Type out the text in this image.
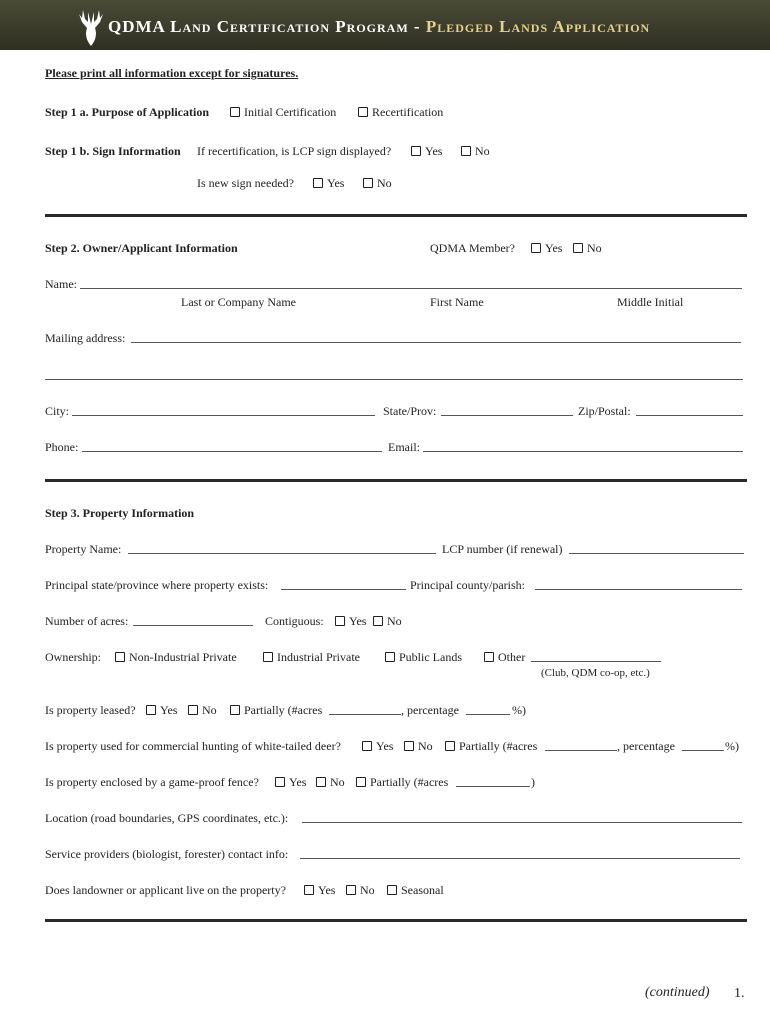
QDMA Land Certification Program - Pledged Lands Application
Please print all information except for signatures.
Step 1 a. Purpose of Application	Initial Certification	Recertification
Step 1 b. Sign Information If recertification, is LCP sign displayed?	Yes	No
Is new sign needed?	Yes	No
Step 2. Owner/Applicant Information	QDMA Member?	Yes	No
Name:
Last or Company Name	First Name	Middle Initial
Mailing address:
City:	State/Prov:	Zip/Postal:
Phone:	Email:
Step 3. Property Information
Property Name:	LCP number (if renewal)
Principal state/province where property exists:	Principal county/parish:
Number of acres:	Contiguous:	Yes	No
Ownership:	Non-Industrial Private	Industrial Private	Public Lands	Other
(Club, QDM co-op, etc.)
Is property leased?	Yes	No	Partially (#acres	, percentage	%)
Is property used for commercial hunting of white-tailed deer?	Yes	No	Partially (#acres	, percentage	%)
Is property enclosed by a game-proof fence?	Yes	No	Partially (#acres	)
Location (road boundaries, GPS coordinates, etc.):
Service providers (biologist, forester) contact info:
Does landowner or applicant live on the property?	Yes	No	Seasonal
(continued) 1.
